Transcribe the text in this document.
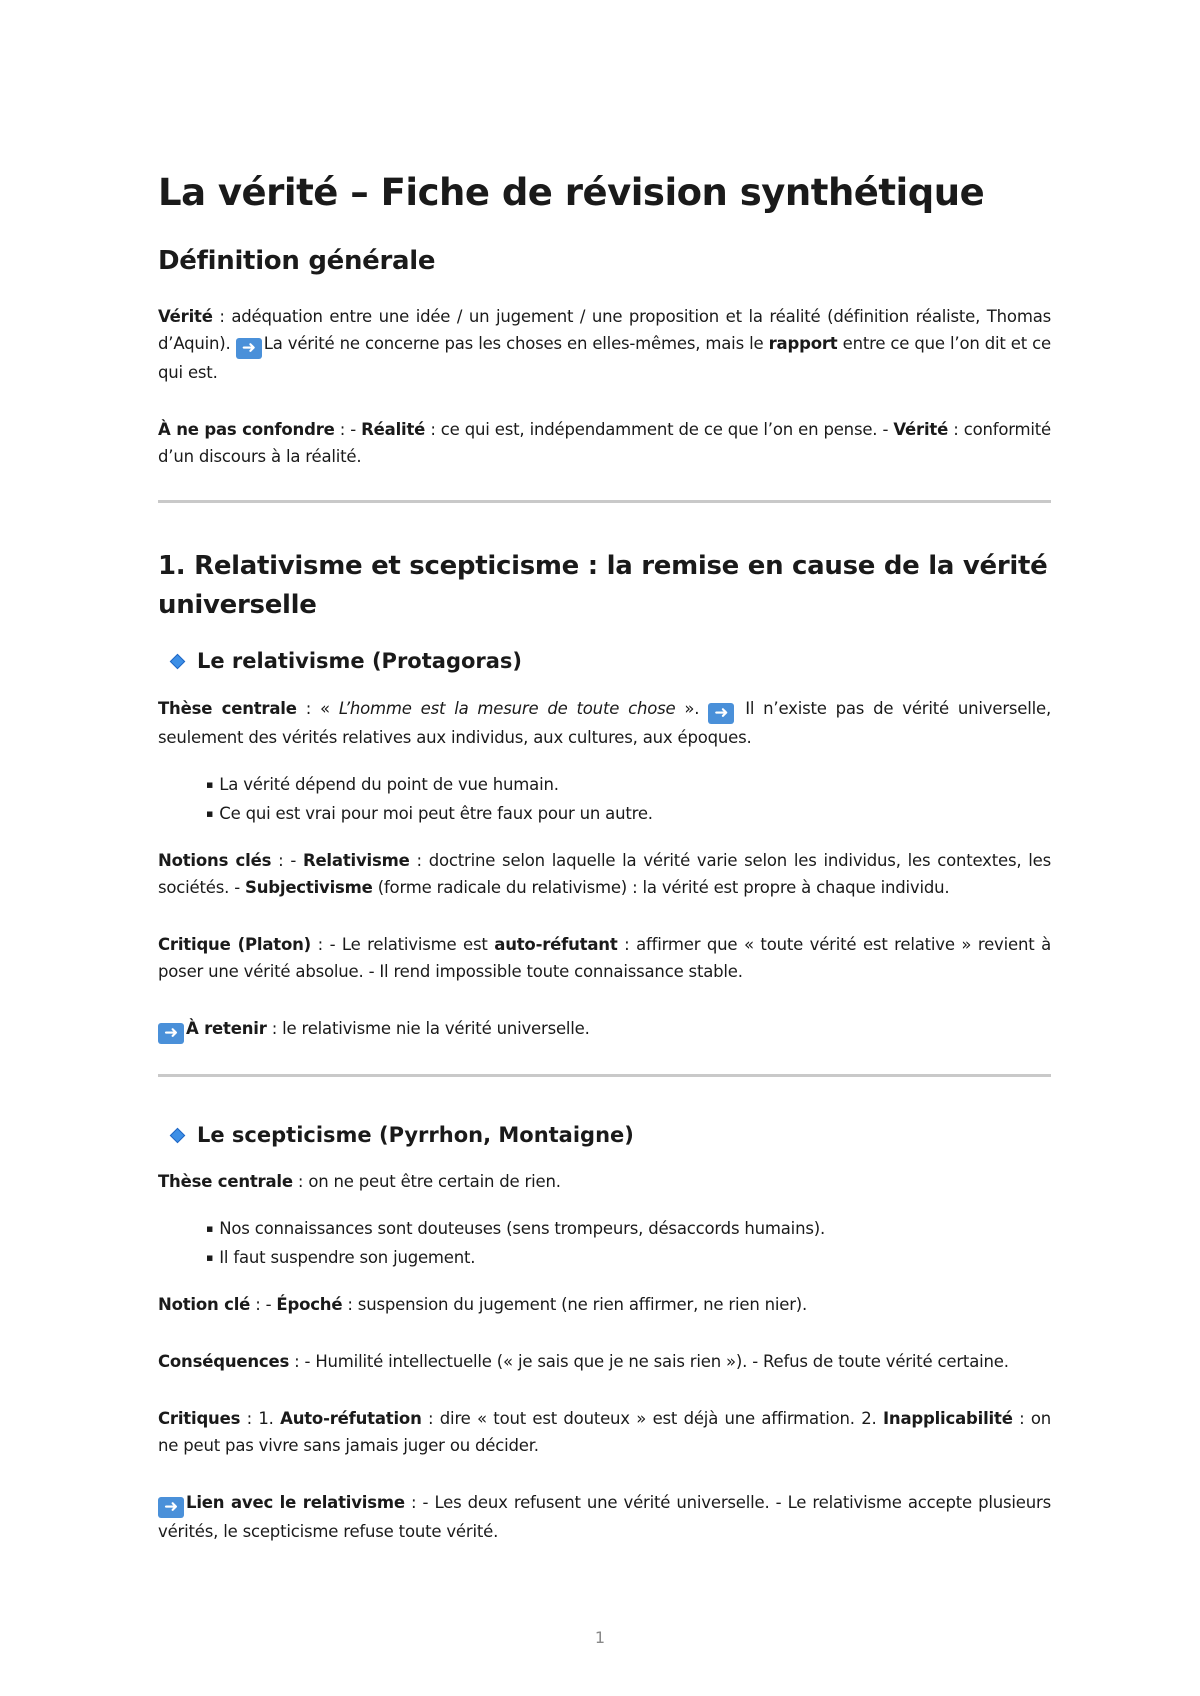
La vérité – Fiche de révision synthétique
Définition générale

Vérité : adéquation entre une idée / un jugement / une proposition et la réalité (définition réaliste, Thomas d’Aquin). ➜ La vérité ne concerne pas les choses en elles-mêmes, mais le rapport entre ce que l’on dit et ce qui est.

À ne pas confondre : - Réalité : ce qui est, indépendamment de ce que l’on en pense. - Vérité : conformité d’un discours à la réalité.

1. Relativisme et scepticisme : la remise en cause de la vérité universelle
Le relativisme (Protagoras)

Thèse centrale : « L’homme est la mesure de toute chose ». ➜ Il n’existe pas de vérité universelle, seulement des vérités relatives aux individus, aux cultures, aux époques.

▪ La vérité dépend du point de vue humain.
▪ Ce qui est vrai pour moi peut être faux pour un autre.

Notions clés : - Relativisme : doctrine selon laquelle la vérité varie selon les individus, les contextes, les sociétés. - Subjectivisme (forme radicale du relativisme) : la vérité est propre à chaque individu.

Critique (Platon) : - Le relativisme est auto-réfutant : affirmer que « toute vérité est relative » revient à poser une vérité absolue. - Il rend impossible toute connaissance stable.

➜ À retenir : le relativisme nie la vérité universelle.

Le scepticisme (Pyrrhon, Montaigne)

Thèse centrale : on ne peut être certain de rien.

▪ Nos connaissances sont douteuses (sens trompeurs, désaccords humains).
▪ Il faut suspendre son jugement.

Notion clé : - Époché : suspension du jugement (ne rien affirmer, ne rien nier).

Conséquences : - Humilité intellectuelle (« je sais que je ne sais rien »). - Refus de toute vérité certaine.

Critiques : 1. Auto-réfutation : dire « tout est douteux » est déjà une affirmation. 2. Inapplicabilité : on ne peut pas vivre sans jamais juger ou décider.

➜ Lien avec le relativisme : - Les deux refusent une vérité universelle. - Le relativisme accepte plusieurs vérités, le scepticisme refuse toute vérité.

1
